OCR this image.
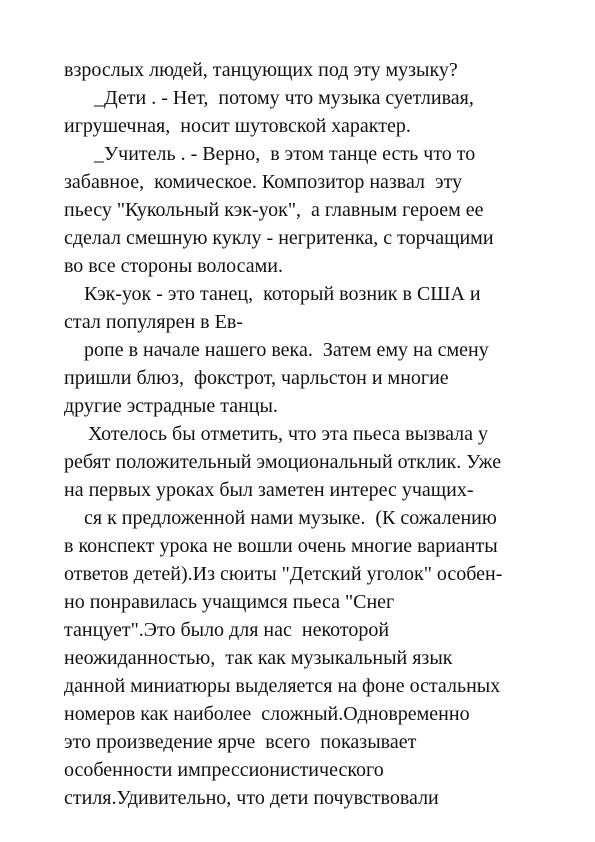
взрослых людей, танцующих под эту музыку?
_Дети . - Нет,  потому что музыка суетливая,
игрушечная,  носит шутовской характер.
_Учитель . - Верно,  в этом танце есть что то
забавное,  комическое. Композитор назвал  эту
пьесу "Кукольный кэк-уок",  а главным героем ее
сделал смешную куклу - негритенка, с торчащими
во все стороны волосами.
Кэк-уок - это танец,  который возник в США и
стал популярен в Ев-
ропе в начале нашего века.  Затем ему на смену
пришли блюз,  фокстрот, чарльстон и многие
другие эстрадные танцы.
Хотелось бы отметить, что эта пьеса вызвала у
ребят положительный эмоциональный отклик. Уже
на первых уроках был заметен интерес учащих-
ся к предложенной нами музыке.  (К сожалению
в конспект урока не вошли очень многие варианты
ответов детей).Из сюиты "Детский уголок" особен-
но понравилась учащимся пьеса "Снег
танцует".Это было для нас  некоторой
неожиданностью,  так как музыкальный язык
данной миниатюры выделяется на фоне остальных
номеров как наиболее  сложный.Одновременно
это произведение ярче  всего  показывает
особенности импрессионистического
стиля.Удивительно, что дети почувствовали
